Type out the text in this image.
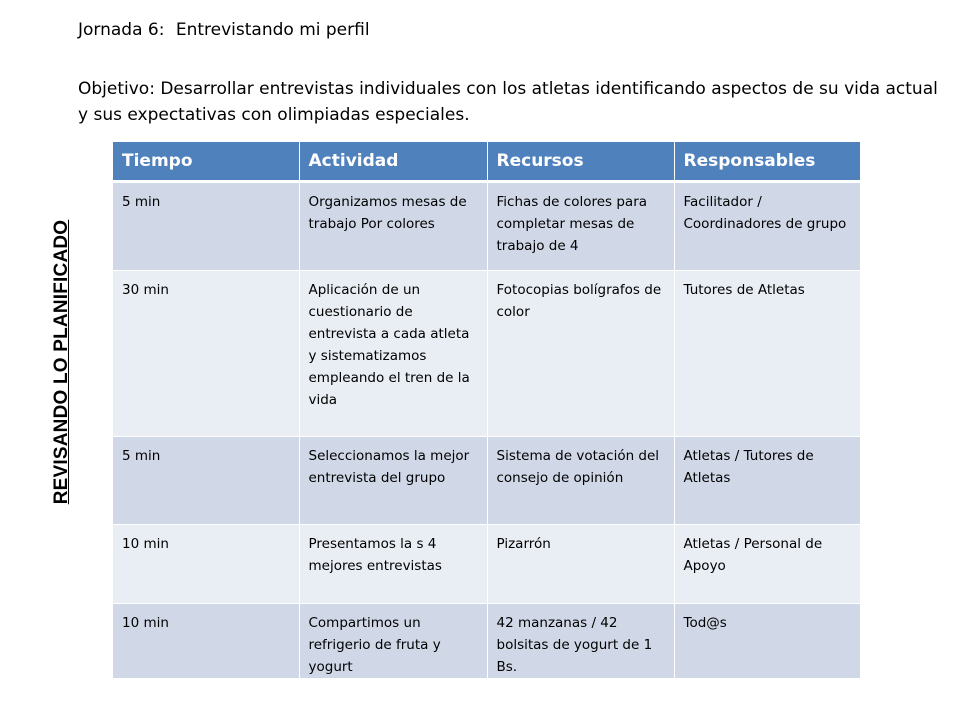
Jornada 6: Entrevistando mi perfil
Objetivo: Desarrollar entrevistas individuales con los atletas identificando aspectos de su vida actual y sus expectativas con olimpiadas especiales.
REVISANDO LO PLANIFICADO
Tiempo	Actividad	Recursos	Responsables
5 min	Organizamos mesas de trabajo Por colores	Fichas de colores para completar mesas de trabajo de 4	Facilitador / Coordinadores de grupo
30 min	Aplicación de un cuestionario de entrevista a cada atleta y sistematizamos empleando el tren de la vida	Fotocopias bolígrafos de color	Tutores de Atletas
5 min	Seleccionamos la mejor entrevista del grupo	Sistema de votación del consejo de opinión	Atletas / Tutores de Atletas
10 min	Presentamos la s 4 mejores entrevistas	Pizarrón	Atletas / Personal de Apoyo
10 min	Compartimos un refrigerio de fruta y yogurt	42 manzanas / 42 bolsitas de yogurt de 1 Bs.	Tod@s
